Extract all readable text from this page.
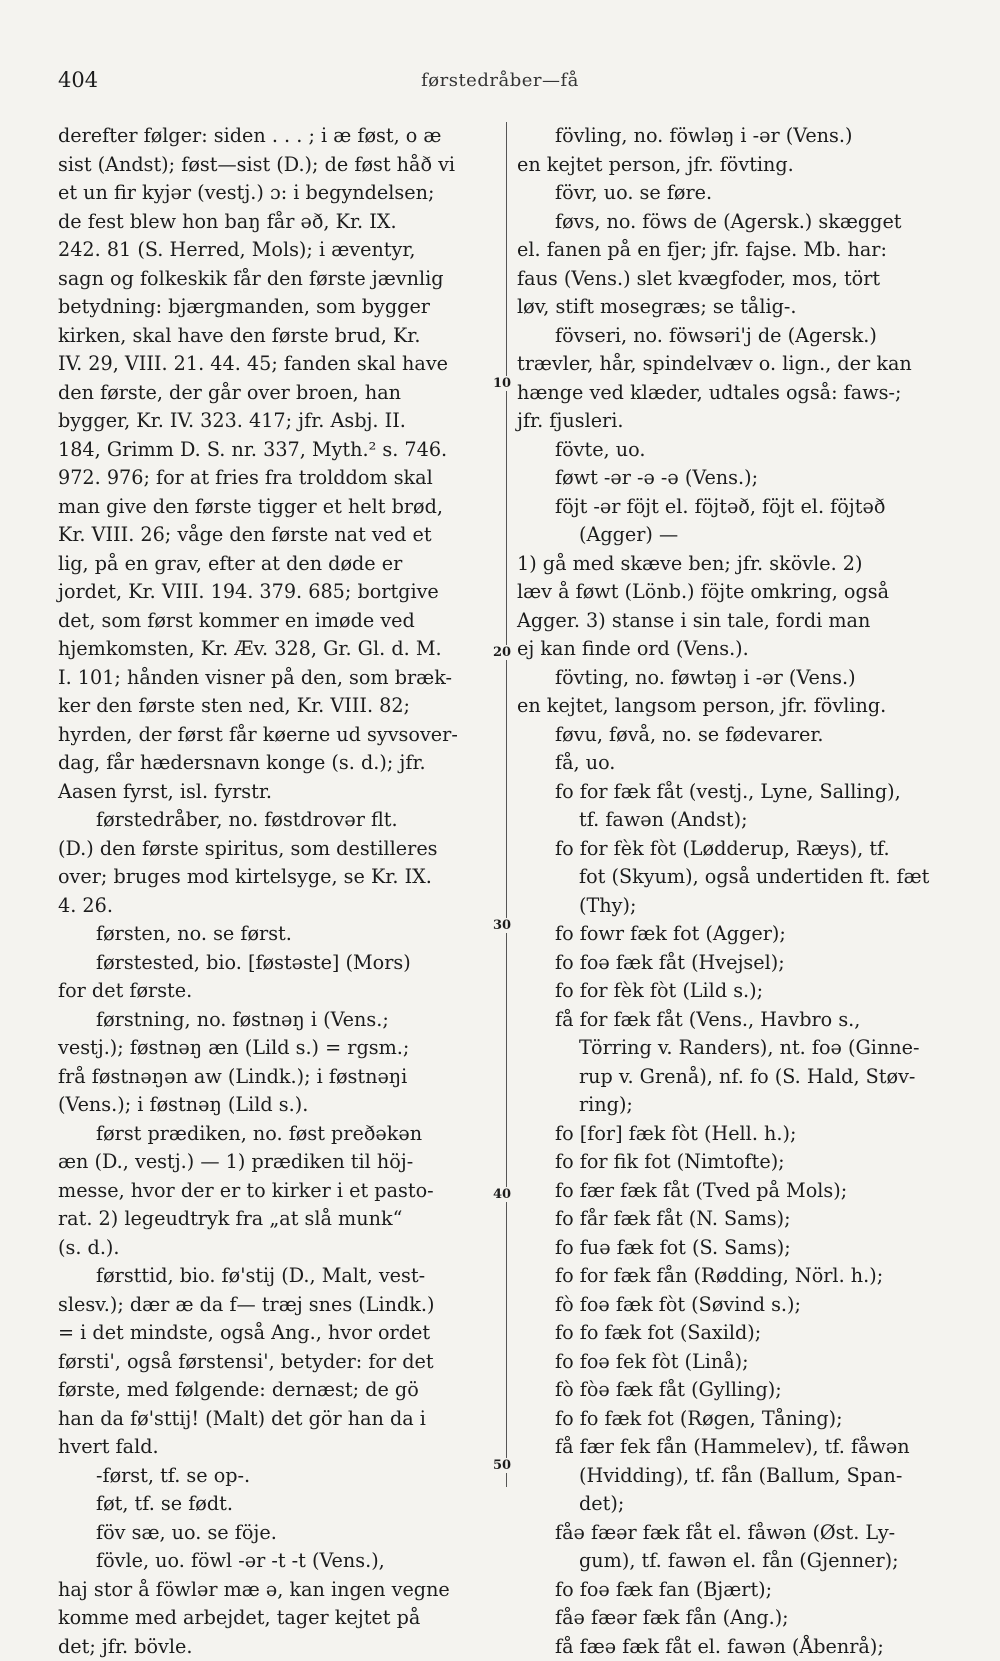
404	førstedråber—få
derefter følger: siden . . . ; i æ føst, o æ
sist (Andst); føst—sist (D.); de føst håð vi
et un fir kyjər (vestj.) ɔ: i begyndelsen;
de fest blew hon baŋ får əð, Kr. IX.
242. 81 (S. Herred, Mols); i æventyr,
sagn og folkeskik får den første jævnlig
betydning: bjærgmanden, som bygger
kirken, skal have den første brud, Kr.
IV. 29, VIII. 21. 44. 45; fanden skal have
den første, der går over broen, han
bygger, Kr. IV. 323. 417; jfr. Asbj. II.
184, Grimm D. S. nr. 337, Myth.² s. 746.
972. 976; for at fries fra trolddom skal
man give den første tigger et helt brød,
Kr. VIII. 26; våge den første nat ved et
lig, på en grav, efter at den døde er
jordet, Kr. VIII. 194. 379. 685; bortgive
det, som først kommer en imøde ved
hjemkomsten, Kr. Æv. 328, Gr. Gl. d. M.
I. 101; hånden visner på den, som bræk-
ker den første sten ned, Kr. VIII. 82;
hyrden, der først får køerne ud syvsover-
dag, får hædersnavn konge (s. d.); jfr.
Aasen fyrst, isl. fyrstr.
førstedråber, no. føstdrovər flt.
(D.) den første spiritus, som destilleres
over; bruges mod kirtelsyge, se Kr. IX.
4. 26.
førsten, no. se først.
førstested, bio. [føstəste] (Mors)
for det første.
førstning, no. føstnəŋ i (Vens.;
vestj.); føstnəŋ æn (Lild s.) = rgsm.;
frå føstnəŋən aw (Lindk.); i føstnəŋi
(Vens.); i føstnəŋ (Lild s.).
først prædiken, no. føst preðəkən
æn (D., vestj.) — 1) prædiken til höj-
messe, hvor der er to kirker i et pasto-
rat. 2) legeudtryk fra „at slå munk“
(s. d.).
førsttid, bio. fø'stij (D., Malt, vest-
slesv.); dær æ da f— træj snes (Lindk.)
= i det mindste, også Ang., hvor ordet
førsti', også førstensi', betyder: for det
første, med følgende: dernæst; de gö
han da fø'sttij! (Malt) det gör han da i
hvert fald.
-først, tf. se op-.
føt, tf. se født.
föv sæ, uo. se föje.
fövle, uo. föwl -ər -t -t (Vens.),
haj stor å föwlər mæ ə, kan ingen vegne
komme med arbejdet, tager kejtet på
det; jfr. bövle.
fövling, no. föwləŋ i -ər (Vens.)
en kejtet person, jfr. fövting.
fövr, uo. se føre.
føvs, no. föws de (Agersk.) skægget
el. fanen på en fjer; jfr. fajse. Mb. har:
faus (Vens.) slet kvægfoder, mos, tört
løv, stift mosegræs; se tålig-.
fövseri, no. föwsəri'j de (Agersk.)
trævler, hår, spindelvæv o. lign., der kan
hænge ved klæder, udtales også: faws-;
jfr. fjusleri.
fövte, uo.
føwt -ər -ə -ə (Vens.);
föjt -ər föjt el. föjtəð, föjt el. föjtəð
(Agger) —
1) gå med skæve ben; jfr. skövle. 2)
læv å føwt (Lönb.) föjte omkring, også
Agger. 3) stanse i sin tale, fordi man
ej kan finde ord (Vens.).
fövting, no. føwtəŋ i -ər (Vens.)
en kejtet, langsom person, jfr. fövling.
føvu, føvå, no. se fødevarer.
få, uo.
fo for fæk fåt (vestj., Lyne, Salling),
tf. fawən (Andst);
fo for fèk fòt (Lødderup, Ræys), tf.
fot (Skyum), også undertiden ft. fæt
(Thy);
fo fowr fæk fot (Agger);
fo foə fæk fåt (Hvejsel);
fo for fèk fòt (Lild s.);
få for fæk fåt (Vens., Havbro s.,
Törring v. Randers), nt. foə (Ginne-
rup v. Grenå), nf. fo (S. Hald, Støv-
ring);
fo [for] fæk fòt (Hell. h.);
fo for fik fot (Nimtofte);
fo fær fæk fåt (Tved på Mols);
fo får fæk fåt (N. Sams);
fo fuə fæk fot (S. Sams);
fo for fæk fån (Rødding, Nörl. h.);
fò foə fæk fòt (Søvind s.);
fo fo fæk fot (Saxild);
fo foə fek fòt (Linå);
fò fòə fæk fåt (Gylling);
fo fo fæk fot (Røgen, Tåning);
få fær fek fån (Hammelev), tf. fåwən
(Hvidding), tf. fån (Ballum, Span-
det);
fåə fæər fæk fåt el. fåwən (Øst. Ly-
gum), tf. fawən el. fån (Gjenner);
fo foə fæk fan (Bjært);
fåə fæər fæk fån (Ang.);
få fæə fæk fåt el. fawən (Åbenrå);
10
20
30
40
50
